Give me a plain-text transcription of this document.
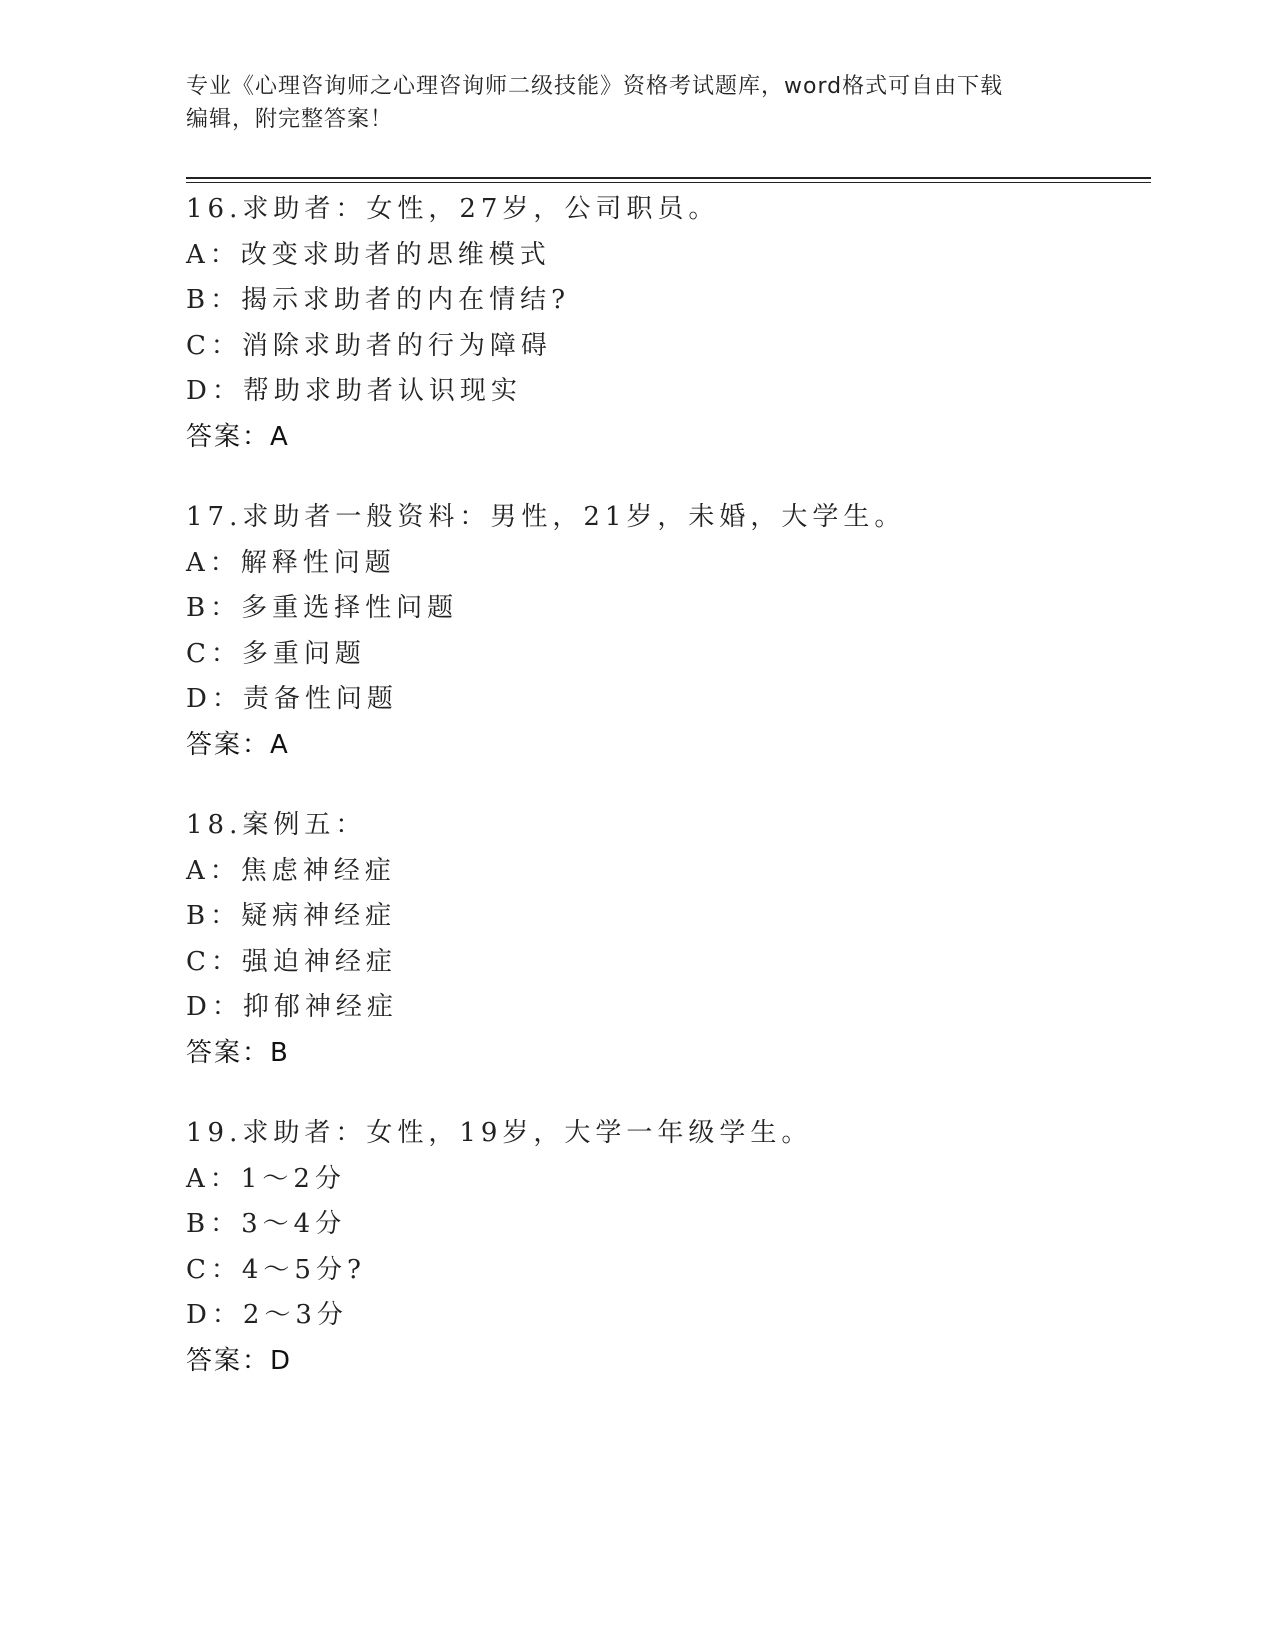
专业《心理咨询师之心理咨询师二级技能》资格考试题库，word格式可自由下载
编辑，附完整答案！
16.求助者：女性，27岁，公司职员。
A：改变求助者的思维模式
B：揭示求助者的内在情结?
C：消除求助者的行为障碍
D：帮助求助者认识现实
答案：A
17.求助者一般资料：男性，21岁，未婚，大学生。
A：解释性问题
B：多重选择性问题
C：多重问题
D：责备性问题
答案：A
18.案例五：
A：焦虑神经症
B：疑病神经症
C：强迫神经症
D：抑郁神经症
答案：B
19.求助者：女性，19岁，大学一年级学生。
A：1～2分
B：3～4分
C：4～5分?
D：2～3分
答案：D
